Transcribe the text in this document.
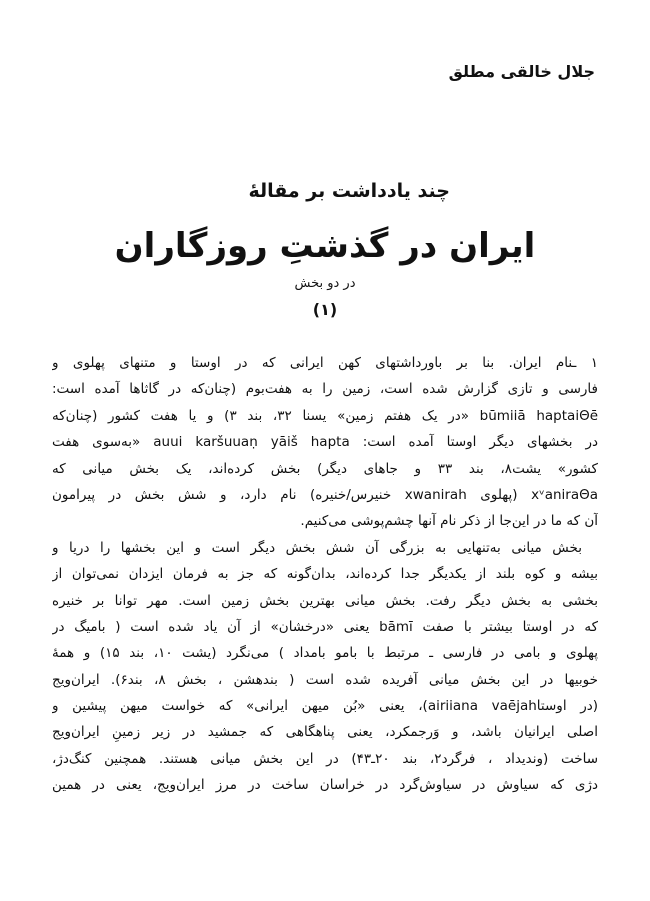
جلال خالقی مطلق
چند یادداشت بر مقالۀ
ایران در گذشتِ روزگاران
در دو بخش
(۱)
۱ ـنام ایران. بنا بر باورداشتهای کهن ایرانی که در اوستا و متنهای پهلوی و
فارسی و تازی گزارش شده است، زمین را به هفت‌بوم (چنان‌که در گاثاها آمده است:
būmiiā haptaiΘē «در یک هفتم زمین» یسنا ۳۲، بند ۳) و یا هفت کشور (چنان‌که
در بخشهای دیگر اوستا آمده است: auui karšuuaṇ yāiš hapta «به‌سوی هفت
کشور» یشت۸، بند ۳۳ و جاهای دیگر) بخش کرده‌اند، یک بخش میانی که
xᵛaniraΘa (پهلوی xwanirah خنیرس/خنیره) نام دارد، و شش بخش در پیرامون
آن که ما در این‌جا از ذکر نام آنها چشم‌پوشی می‌کنیم.
بخش میانی به‌تنهایی به بزرگی آن شش بخش دیگر است و این بخشها را دریا و
بیشه و کوه بلند از یکدیگر جدا کرده‌اند، بدان‌گونه که جز به فرمان ایزدان نمی‌توان از
بخشی به بخش دیگر رفت. بخش میانی بهترین بخش زمین است. مهر توانا بر خنیره
که در اوستا بیشتر با صفت bāmī یعنی «درخشان» از آن یاد شده است ( بامیگ در
پهلوی و بامی در فارسی ـ مرتبط با بامو بامداد ) می‌نگرد (یشت ۱۰، بند ۱۵) و همۀ
خوبیها در این بخش میانی آفریده شده است ( بندهشن ، بخش ۸، بند۶). ایران‌ویج
(در اوستاairiiana vaējah)، یعنی «بُن میهن ایرانی» که خواست میهن پیشین و
اصلی ایرانیان باشد، و وَرجمکرد، یعنی پناهگاهی که جمشید در زیر زمینِ ایران‌ویج
ساخت (وندیداد ، فرگرد۲، بند ۲۰ـ۴۳) در این بخش میانی هستند. همچنین کنگ‌دژ،
دژی که سیاوش در سیاوش‌گرد در خراسان ساخت در مرز ایران‌ویج، یعنی در همین
